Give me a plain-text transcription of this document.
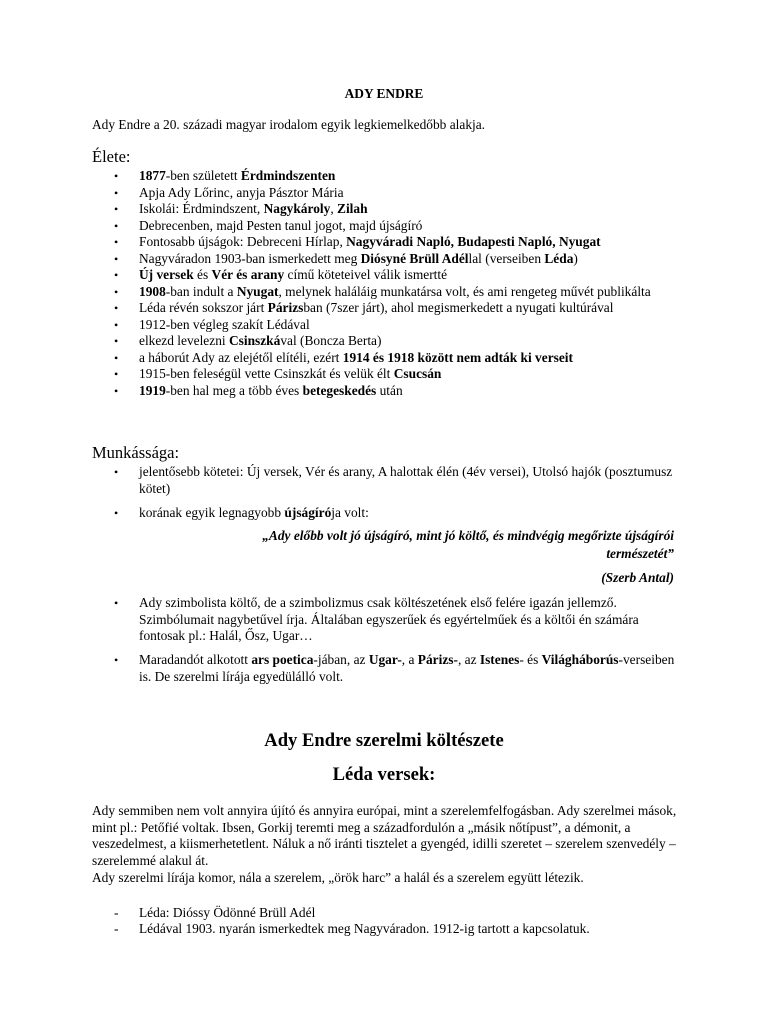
ADY ENDRE
Ady Endre a 20. századi magyar irodalom egyik legkiemelkedőbb alakja.
Élete:
• 1877-ben született Érdmindszenten
• Apja Ady Lőrinc, anyja Pásztor Mária
• Iskolái: Érdmindszent, Nagykároly, Zilah
• Debrecenben, majd Pesten tanul jogot, majd újságíró
• Fontosabb újságok: Debreceni Hírlap, Nagyváradi Napló, Budapesti Napló, Nyugat
• Nagyváradon 1903-ban ismerkedett meg Diósyné Brüll Adéllal (verseiben Léda)
• Új versek és Vér és arany című köteteivel válik ismertté
• 1908-ban indult a Nyugat, melynek haláláig munkatársa volt, és ami rengeteg művét publikálta
• Léda révén sokszor járt Párizsban (7szer járt), ahol megismerkedett a nyugati kultúrával
• 1912-ben végleg szakít Lédával
• elkezd levelezni Csinszkával (Boncza Berta)
• a háborút Ady az elejétől elítéli, ezért 1914 és 1918 között nem adták ki verseit
• 1915-ben feleségül vette Csinszkát és velük élt Csucsán
• 1919-ben hal meg a több éves betegeskedés után
Munkássága:
• jelentősebb kötetei: Új versek, Vér és arany, A halottak élén (4év versei), Utolsó hajók (posztumusz kötet)
• korának egyik legnagyobb újságírója volt:
„Ady előbb volt jó újságíró, mint jó költő, és mindvégig megőrizte újságírói
természetét”
(Szerb Antal)
• Ady szimbolista költő, de a szimbolizmus csak költészetének első felére igazán jellemző. Szimbólumait nagybetűvel írja. Általában egyszerűek és egyértelműek és a költői én számára fontosak pl.: Halál, Ősz, Ugar…
• Maradandót alkotott ars poetica-jában, az Ugar-, a Párizs-, az Istenes- és Világháborús-verseiben is. De szerelmi lírája egyedülálló volt.
Ady Endre szerelmi költészete
Léda versek:
Ady semmiben nem volt annyira újító és annyira európai, mint a szerelemfelfogásban. Ady szerelmei mások, mint pl.: Petőfié voltak. Ibsen, Gorkij teremti meg a századfordulón a „másik nőtípust”, a démonit, a veszedelmest, a kiismerhetetlent. Náluk a nő iránti tisztelet a gyengéd, idilli szeretet – szerelem szenvedély – szerelemmé alakul át.
Ady szerelmi lírája komor, nála a szerelem, „örök harc” a halál és a szerelem együtt létezik.
- Léda: Dióssy Ödönné Brüll Adél
- Lédával 1903. nyarán ismerkedtek meg Nagyváradon. 1912-ig tartott a kapcsolatuk.
